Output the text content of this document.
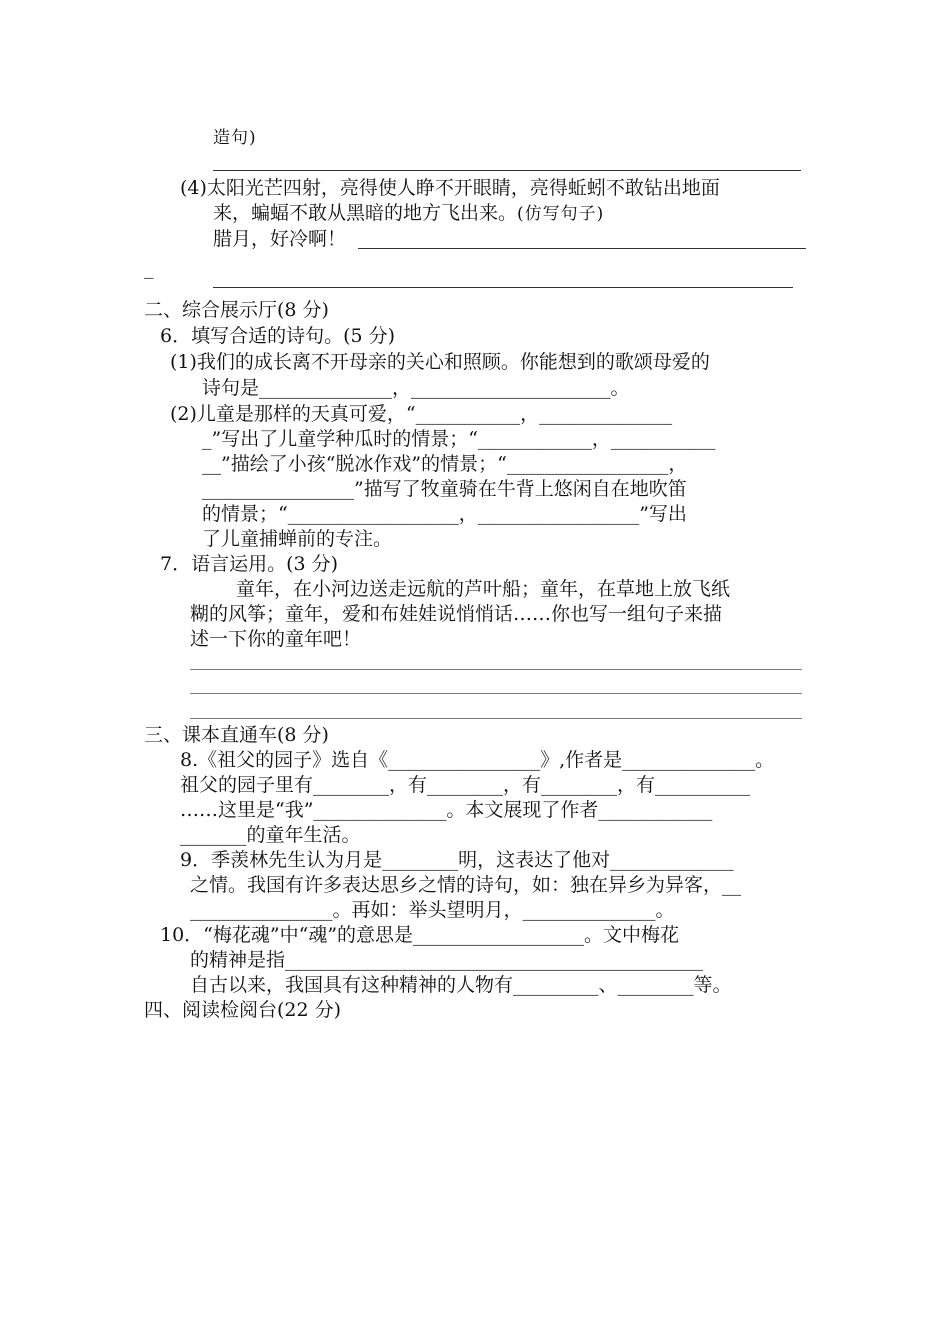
造句)
(4)太阳光芒四射，亮得使人睁不开眼睛，亮得蚯蚓不敢钻出地面
来，蝙蝠不敢从黑暗的地方飞出来。(仿写句子)
腊月，好冷啊！
_
二、综合展示厅(8 分)
6．填写合适的诗句。(5 分)
(1)我们的成长离不开母亲的关心和照顾。你能想到的歌颂母爱的
诗句是______________，_____________________。
(2)儿童是那样的天真可爱，“___________，______________
_”写出了儿童学种瓜时的情景；“____________，___________
__”描绘了小孩“脱冰作戏”的情景；“_________________，
________________”描写了牧童骑在牛背上悠闲自在地吹笛
的情景；“__________________，_________________”写出
了儿童捕蝉前的专注。
7．语言运用。(3 分)
童年，在小河边送走远航的芦叶船；童年，在草地上放飞纸
糊的风筝；童年，爱和布娃娃说悄悄话……你也写一组句子来描
述一下你的童年吧！
三、课本直通车(8 分)
8.《祖父的园子》选自《________________》,作者是______________。
祖父的园子里有________，有________，有________，有__________
……这里是“我”______________。本文展现了作者____________
_______的童年生活。
9．季羡林先生认为月是________明，这表达了他对_____________
之情。我国有许多表达思乡之情的诗句，如：独在异乡为异客，__
_______________。再如：举头望明月，______________。
10．“梅花魂”中“魂”的意思是__________________。文中梅花
的精神是指____________________________________________
自古以来，我国具有这种精神的人物有_________、________等。
四、阅读检阅台(22 分)
